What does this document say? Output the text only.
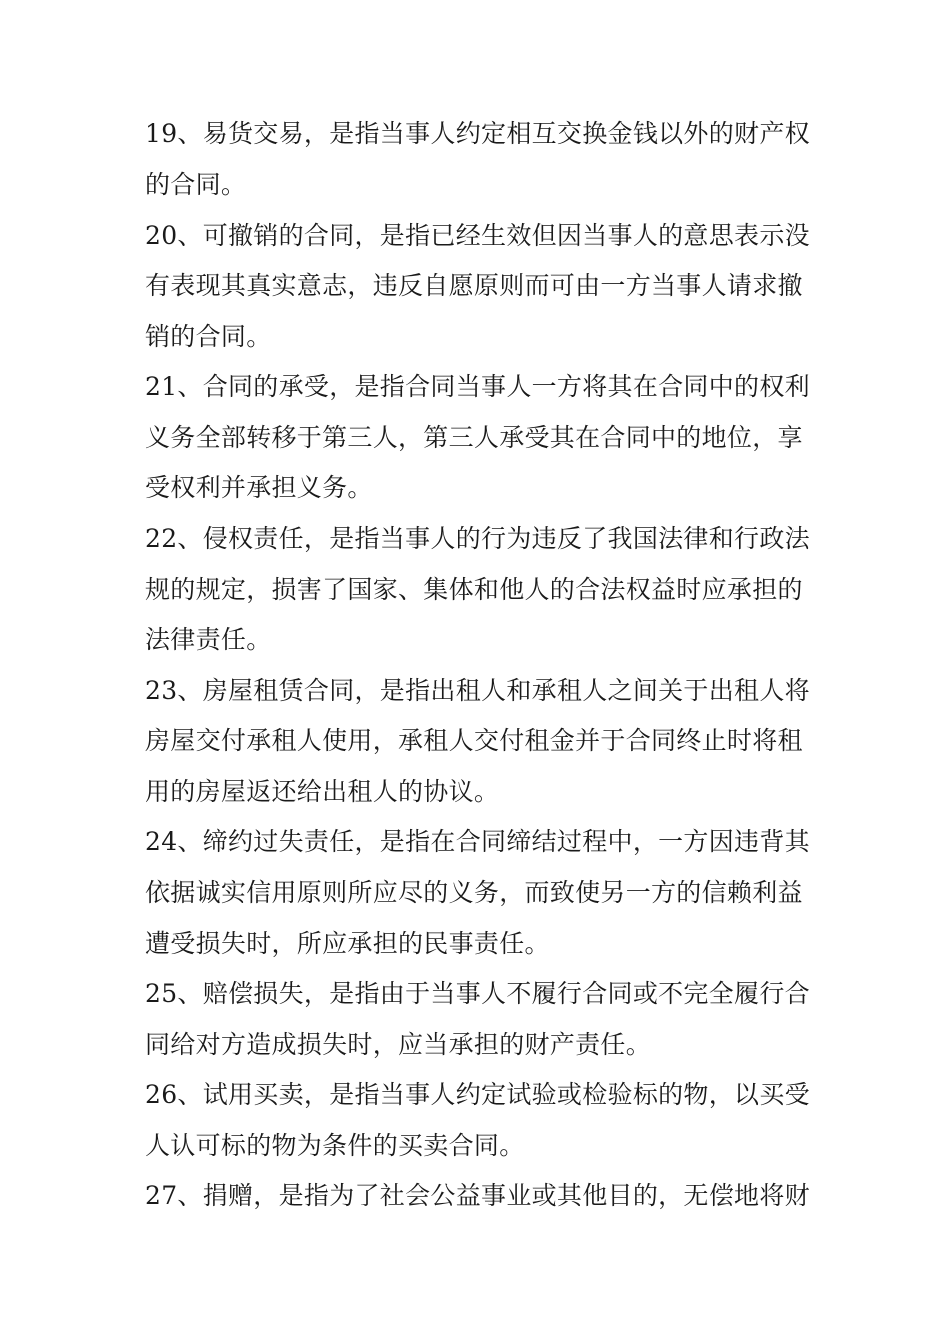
19、易货交易，是指当事人约定相互交换金钱以外的财产权
的合同。
20、可撤销的合同，是指已经生效但因当事人的意思表示没
有表现其真实意志，违反自愿原则而可由一方当事人请求撤
销的合同。
21、合同的承受，是指合同当事人一方将其在合同中的权利
义务全部转移于第三人，第三人承受其在合同中的地位，享
受权利并承担义务。
22、侵权责任，是指当事人的行为违反了我国法律和行政法
规的规定，损害了国家、集体和他人的合法权益时应承担的
法律责任。
23、房屋租赁合同，是指出租人和承租人之间关于出租人将
房屋交付承租人使用，承租人交付租金并于合同终止时将租
用的房屋返还给出租人的协议。
24、缔约过失责任，是指在合同缔结过程中，一方因违背其
依据诚实信用原则所应尽的义务，而致使另一方的信赖利益
遭受损失时，所应承担的民事责任。
25、赔偿损失，是指由于当事人不履行合同或不完全履行合
同给对方造成损失时，应当承担的财产责任。
26、试用买卖，是指当事人约定试验或检验标的物，以买受
人认可标的物为条件的买卖合同。
27、捐赠，是指为了社会公益事业或其他目的，无偿地将财
